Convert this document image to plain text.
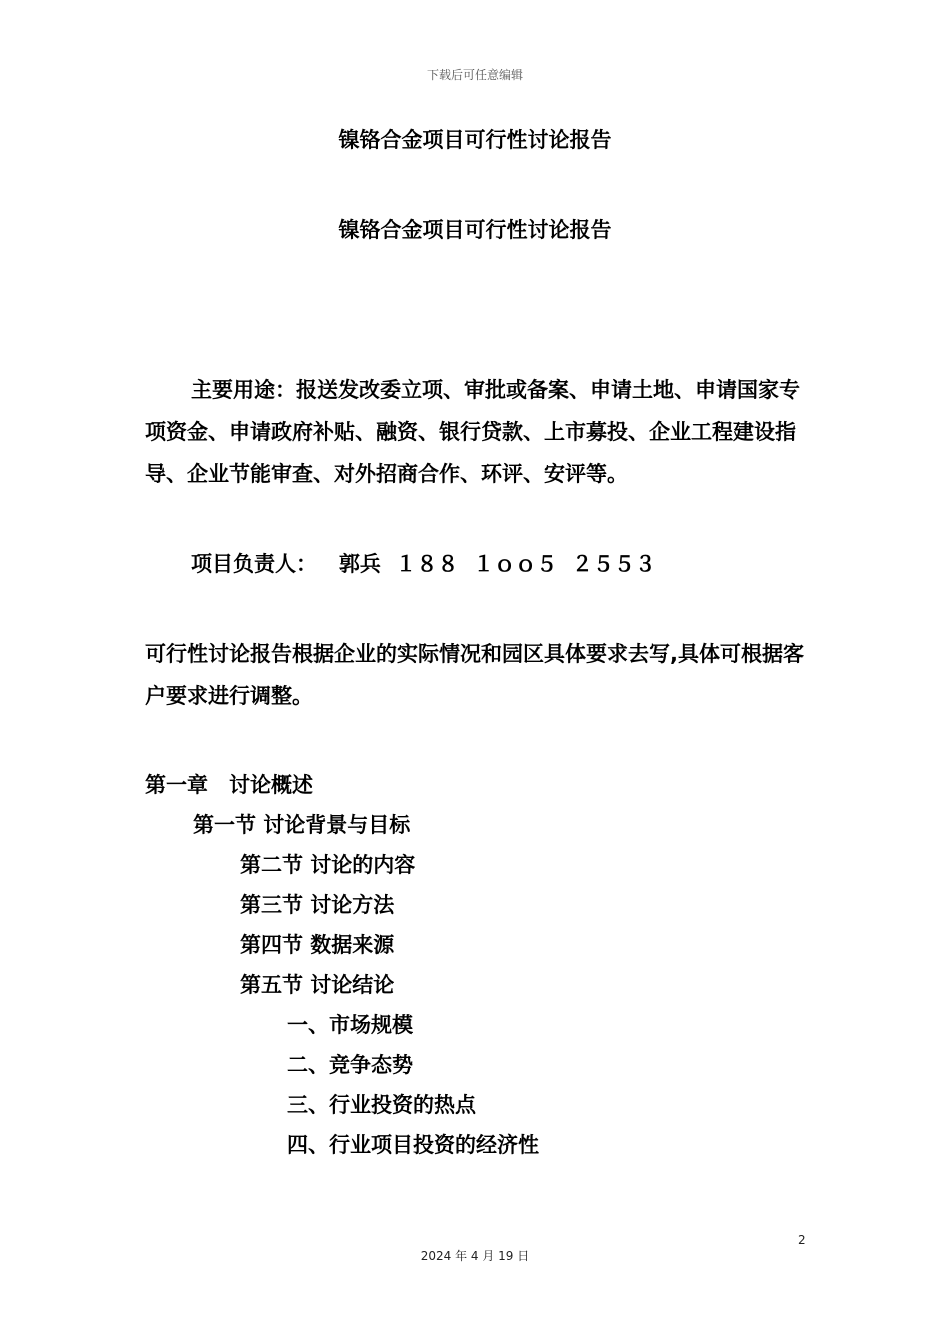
下载后可任意编辑
镍铬合金项目可行性讨论报告
镍铬合金项目可行性讨论报告
主要用途：报送发改委立项、审批或备案、申请土地、申请国家专项资金、申请政府补贴、融资、银行贷款、上市募投、企业工程建设指导、企业节能审查、对外招商合作、环评、安评等。
项目负责人：   郭兵  １８８  １ｏｏ５  ２５５３
可行性讨论报告根据企业的实际情况和园区具体要求去写,具体可根据客户要求进行调整。
第一章　讨论概述
第一节 讨论背景与目标
第二节 讨论的内容
第三节 讨论方法
第四节 数据来源
第五节 讨论结论
一、市场规模
二、竞争态势
三、行业投资的热点
四、行业项目投资的经济性
2
2024 年 4 月 19 日
